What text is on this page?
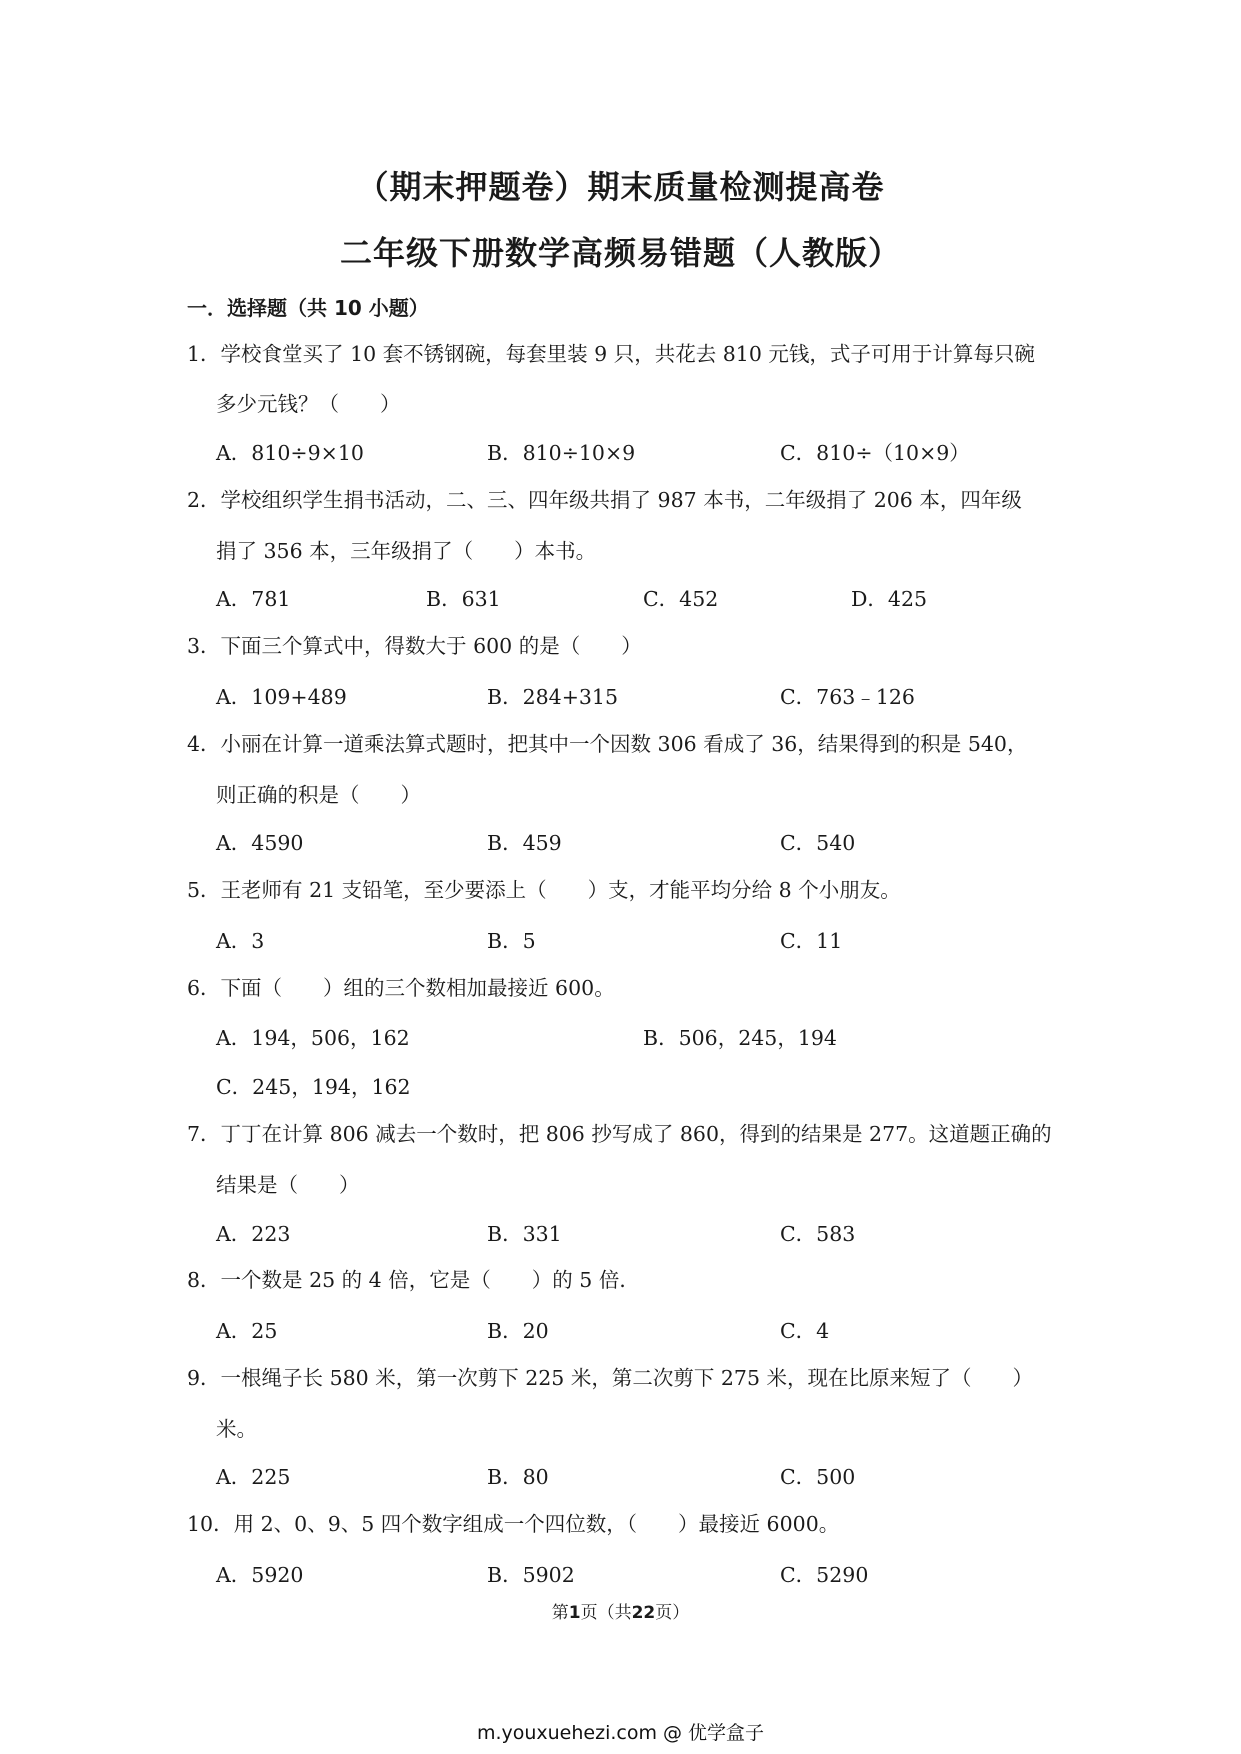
（期末押题卷）期末质量检测提高卷
二年级下册数学高频易错题（人教版）
一．选择题（共 10 小题）
1．学校食堂买了 10 套不锈钢碗，每套里装 9 只，共花去 810 元钱，式子可用于计算每只碗
多少元钱？（　　）
A．810÷9×10	B．810÷10×9	C．810÷（10×9）
2．学校组织学生捐书活动，二、三、四年级共捐了 987 本书，二年级捐了 206 本，四年级
捐了 356 本，三年级捐了（　　）本书。
A．781	B．631	C．452	D．425
3．下面三个算式中，得数大于 600 的是（　　）
A．109+489	B．284+315	C．763﹣126
4．小丽在计算一道乘法算式题时，把其中一个因数 306 看成了 36，结果得到的积是 540，
则正确的积是（　　）
A．4590	B．459	C．540
5．王老师有 21 支铅笔，至少要添上（　　）支，才能平均分给 8 个小朋友。
A．3	B．5	C．11
6．下面（　　）组的三个数相加最接近 600。
A．194，506，162	B．506，245，194
C．245，194，162
7．丁丁在计算 806 减去一个数时，把 806 抄写成了 860，得到的结果是 277。这道题正确的
结果是（　　）
A．223	B．331	C．583
8．一个数是 25 的 4 倍，它是（　　）的 5 倍．
A．25	B．20	C．4
9．一根绳子长 580 米，第一次剪下 225 米，第二次剪下 275 米，现在比原来短了（　　）
米。
A．225	B．80	C．500
10．用 2、0、9、5 四个数字组成一个四位数，（　　）最接近 6000。
A．5920	B．5902	C．5290
第1页（共22页）
m.youxuehezi.com @ 优学盒子
